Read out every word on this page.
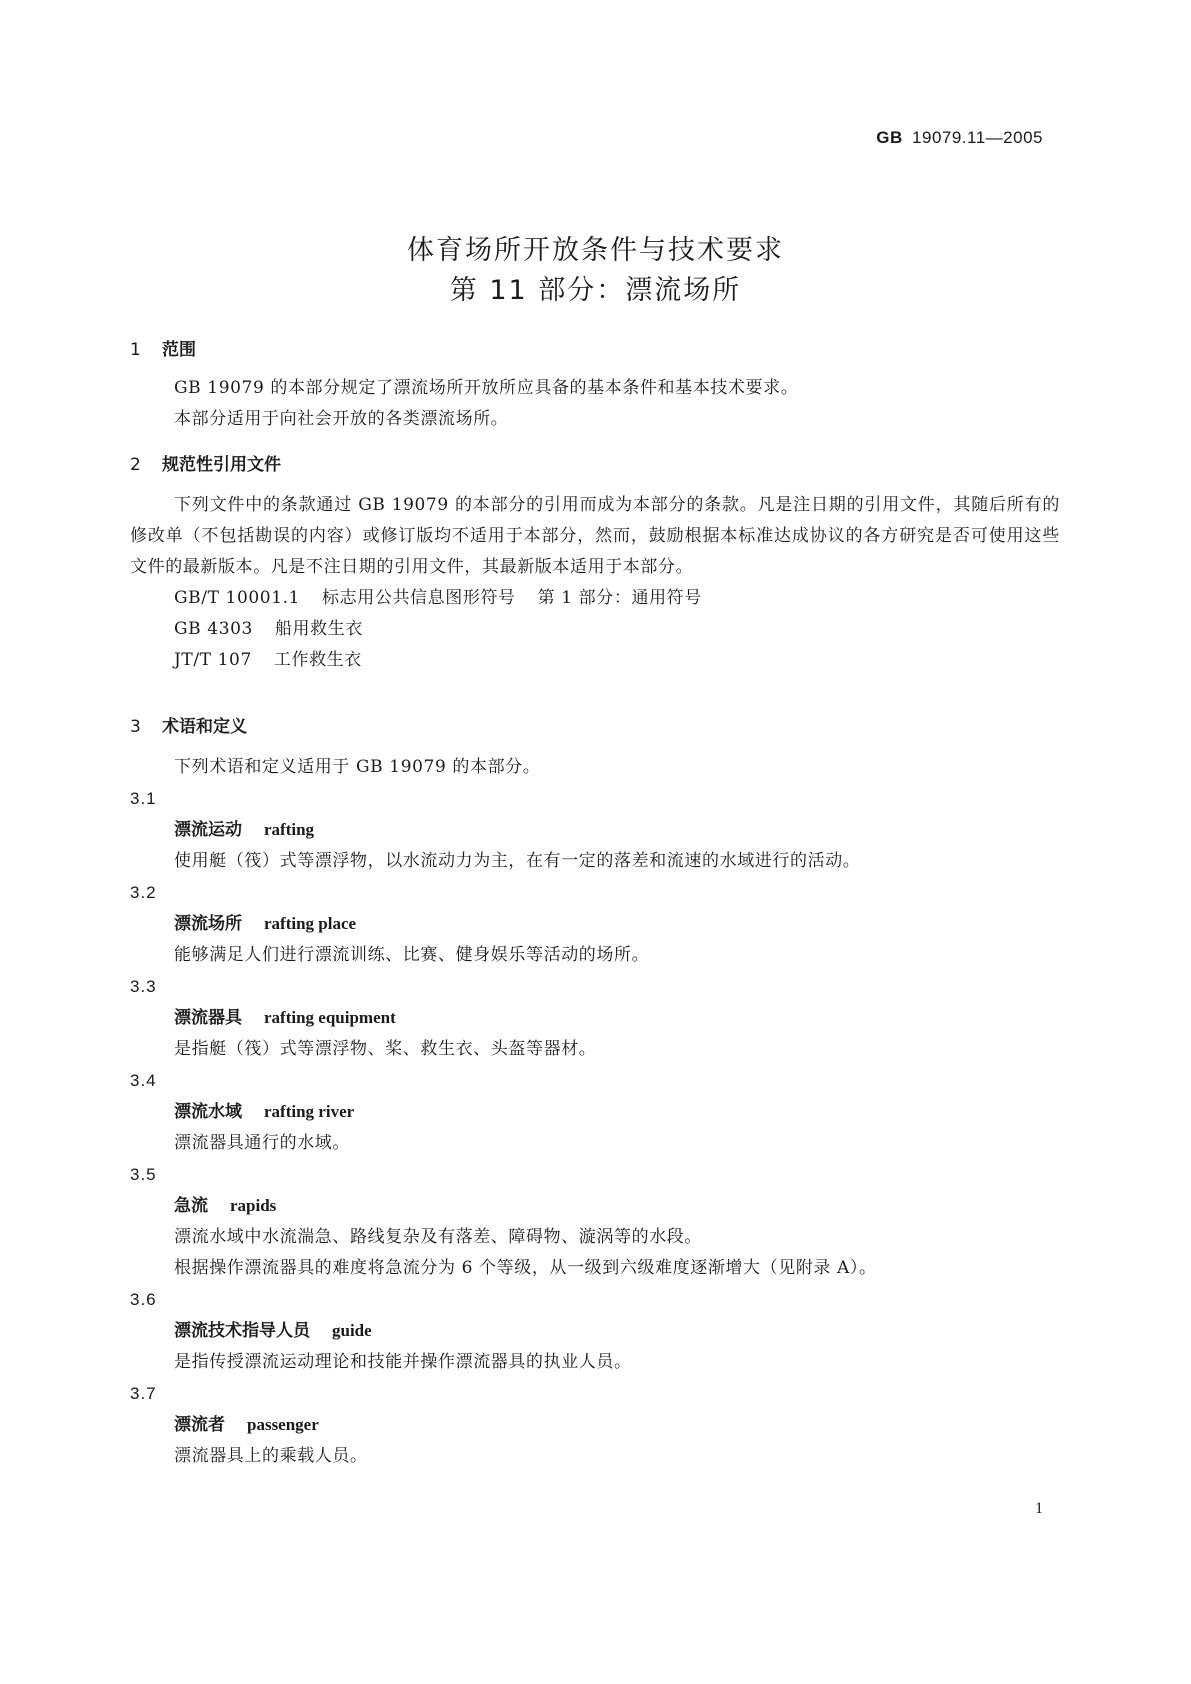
GB 19079.11—2005
体育场所开放条件与技术要求
第 11 部分：漂流场所
1 范围
GB 19079 的本部分规定了漂流场所开放所应具备的基本条件和基本技术要求。
本部分适用于向社会开放的各类漂流场所。
2 规范性引用文件
下列文件中的条款通过 GB 19079 的本部分的引用而成为本部分的条款。凡是注日期的引用文件，其随后所有的修改单（不包括勘误的内容）或修订版均不适用于本部分，然而，鼓励根据本标准达成协议的各方研究是否可使用这些文件的最新版本。凡是不注日期的引用文件，其最新版本适用于本部分。
GB/T 10001.1 标志用公共信息图形符号 第 1 部分：通用符号
GB 4303 船用救生衣
JT/T 107 工作救生衣
3 术语和定义
下列术语和定义适用于 GB 19079 的本部分。
3.1
漂流运动 rafting
使用艇（筏）式等漂浮物，以水流动力为主，在有一定的落差和流速的水域进行的活动。
3.2
漂流场所 rafting place
能够满足人们进行漂流训练、比赛、健身娱乐等活动的场所。
3.3
漂流器具 rafting equipment
是指艇（筏）式等漂浮物、桨、救生衣、头盔等器材。
3.4
漂流水域 rafting river
漂流器具通行的水域。
3.5
急流 rapids
漂流水域中水流湍急、路线复杂及有落差、障碍物、漩涡等的水段。
根据操作漂流器具的难度将急流分为 6 个等级，从一级到六级难度逐渐增大（见附录 A）。
3.6
漂流技术指导人员 guide
是指传授漂流运动理论和技能并操作漂流器具的执业人员。
3.7
漂流者 passenger
漂流器具上的乘载人员。
1
